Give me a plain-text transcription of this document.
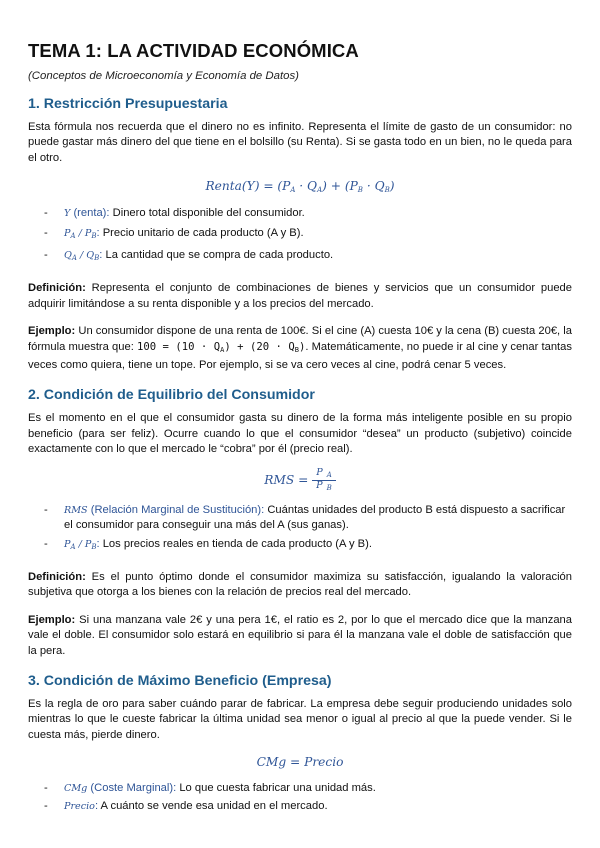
TEMA 1: LA ACTIVIDAD ECONÓMICA
(Conceptos de Microeconomía y Economía de Datos)
1. Restricción Presupuestaria

Esta fórmula nos recuerda que el dinero no es infinito. Representa el límite de gasto de un consumidor: no puede gastar más dinero del que tiene en el bolsillo (su Renta). Si se gasta todo en un bien, no le queda para el otro.

Renta(Y) = $(P_A \cdot Q_A) + (P_B \cdot Q_B)$
- Y (renta): Dinero total disponible del consumidor.
- $P_A / P_B$: Precio unitario de cada producto (A y B).
- $Q_A / Q_B$: La cantidad que se compra de cada producto.

Definición: Representa el conjunto de combinaciones de bienes y servicios que un consumidor puede adquirir limitándose a su renta disponible y a los precios del mercado.

Ejemplo: Un consumidor dispone de una renta de 100€. Si el cine (A) cuesta 10€ y la cena (B) cuesta 20€, la fórmula muestra que: $100 = (10 \cdot Q_A) + (20 \cdot Q_B)$. Matemáticamente, no puede ir al cine y cenar tantas veces como quiera, tiene un tope. Por ejemplo, si se va cero veces al cine, podrá cenar 5 veces.

2. Condición de Equilibrio del Consumidor

Es el momento en el que el consumidor gasta su dinero de la forma más inteligente posible en su propio beneficio (para ser feliz). Ocurre cuando lo que el consumidor “desea” un producto (subjetivo) coincide exactamente con lo que el mercado le “cobra” por él (precio real).

RMS = $\frac{P _A}{P _B}$
- RMS (Relación Marginal de Sustitución): Cuántas unidades del producto B está dispuesto a sacrificar el consumidor para conseguir una más del A (sus ganas).
- $P_A / P_B$: Los precios reales en tienda de cada producto (A y B).

Definición: Es el punto óptimo donde el consumidor maximiza su satisfacción, igualando la valoración subjetiva que otorga a los bienes con la relación de precios real del mercado.

Ejemplo: Si una manzana vale 2€ y una pera 1€, el ratio es 2, por lo que el mercado dice que la manzana vale el doble. El consumidor solo estará en equilibrio si para él la manzana vale el doble de satisfacción que la pera.

3. Condición de Máximo Beneficio (Empresa)

Es la regla de oro para saber cuándo parar de fabricar. La empresa debe seguir produciendo unidades solo mientras lo que le cueste fabricar la última unidad sea menor o igual al precio al que la puede vender. Si le cuesta más, pierde dinero.

CMg = Precio
- CMg (Coste Marginal): Lo que cuesta fabricar una unidad más.
- Precio: A cuánto se vende esa unidad en el mercado.
